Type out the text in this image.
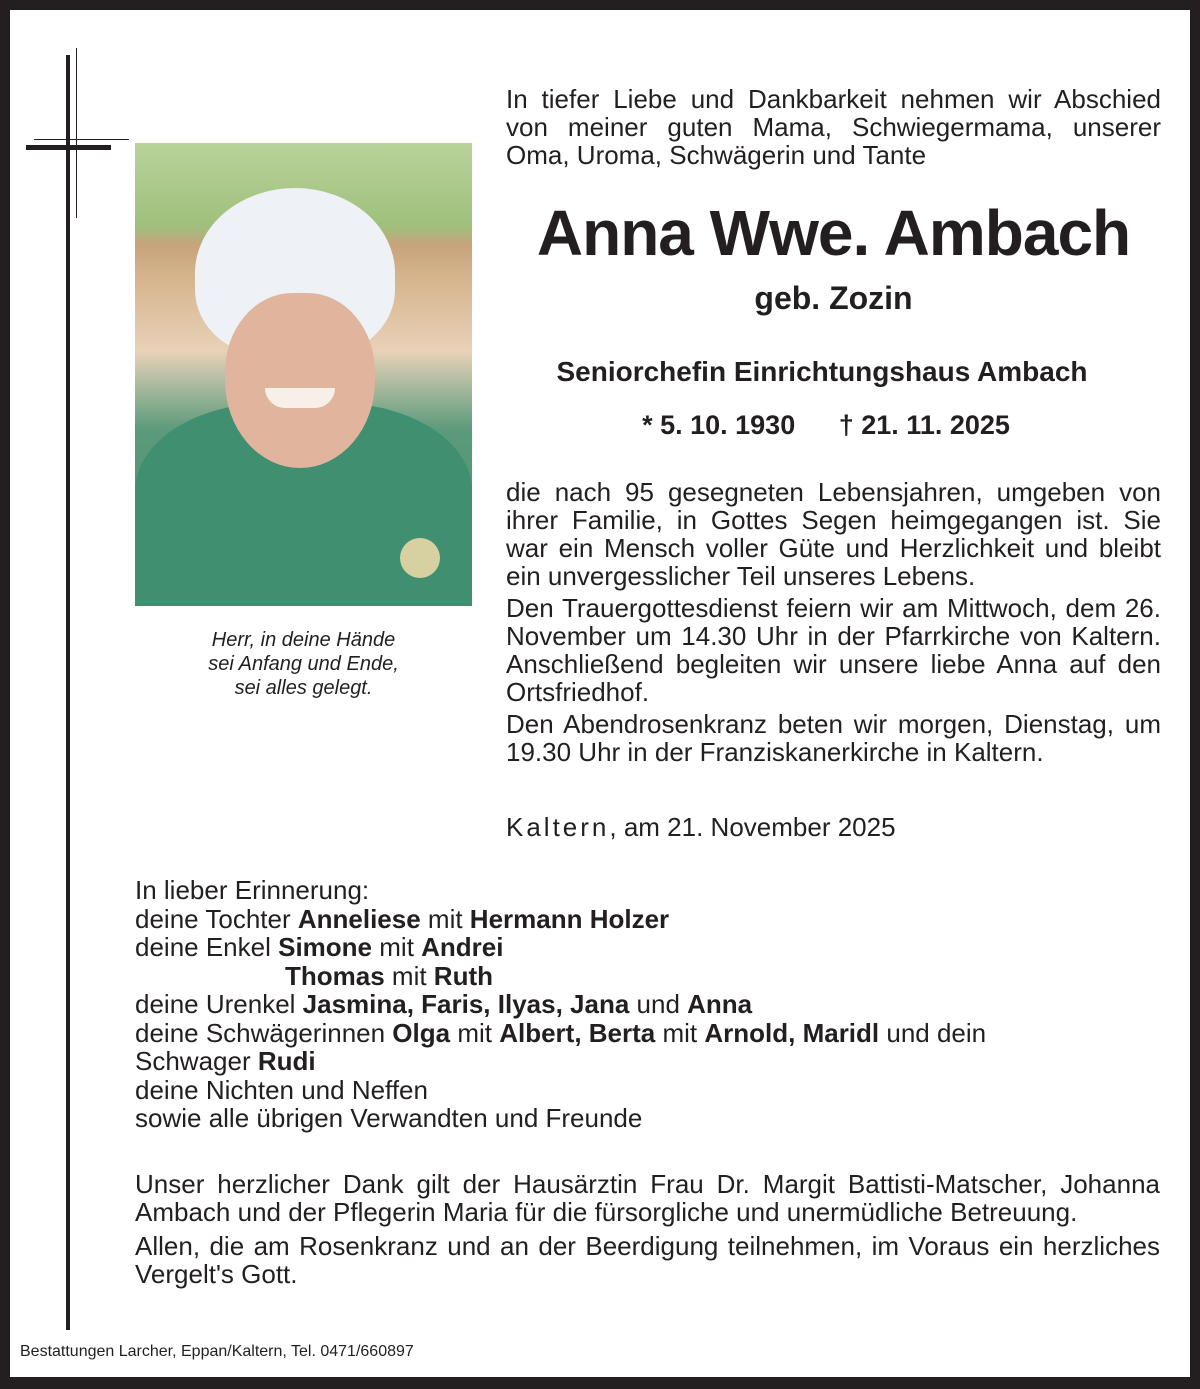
Herr, in deine Hände
sei Anfang und Ende,
sei alles gelegt.
In tiefer Liebe und Dankbarkeit nehmen wir Abschied von meiner guten Mama, Schwiegermama, unserer Oma, Uroma, Schwägerin und Tante
Anna Wwe. Ambach
geb. Zozin
Seniorchefin Einrichtungshaus Ambach
* 5. 10. 1930 † 21. 11. 2025

die nach 95 gesegneten Lebensjahren, umgeben von ihrer Familie, in Gottes Segen heimgegangen ist. Sie war ein Mensch voller Güte und Herzlichkeit und bleibt ein unvergesslicher Teil unseres Lebens.

Den Trauergottesdienst feiern wir am Mittwoch, dem 26. November um 14.30 Uhr in der Pfarrkirche von Kaltern. Anschließend begleiten wir unsere liebe Anna auf den Ortsfriedhof.

Den Abendrosenkranz beten wir morgen, Dienstag, um 19.30 Uhr in der Franziskanerkirche in Kaltern.

Kaltern, am 21. November 2025
In lieber Erinnerung:
deine Tochter Anneliese mit Hermann Holzer
deine Enkel Simone mit Andrei
Thomas mit Ruth
deine Urenkel Jasmina, Faris, Ilyas, Jana und Anna
deine Schwägerinnen Olga mit Albert, Berta mit Arnold, Maridl und dein
Schwager Rudi
deine Nichten und Neffen
sowie alle übrigen Verwandten und Freunde

Unser herzlicher Dank gilt der Hausärztin Frau Dr. Margit Battisti-Matscher, Johanna Ambach und der Pflegerin Maria für die fürsorgliche und unermüdliche Betreuung.

Allen, die am Rosenkranz und an der Beerdigung teilnehmen, im Voraus ein herzliches Vergelt's Gott.

Bestattungen Larcher, Eppan/Kaltern, Tel. 0471/660897
